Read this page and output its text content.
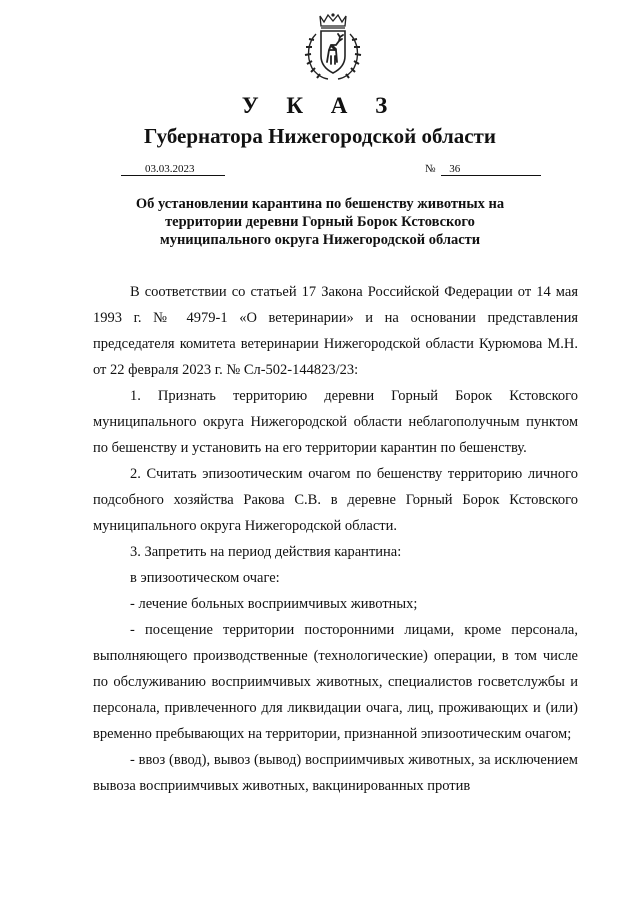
У К А З
Губернатора Нижегородской области
03.03.2023	№ 36
Об установлении карантина по бешенству животных на
территории деревни Горный Борок Кстовского
муниципального округа Нижегородской области

В соответствии со статьей 17 Закона Российской Федерации от 14 мая 1993 г. № 4979-1 «О ветеринарии» и на основании представления председателя комитета ветеринарии Нижегородской области Курюмова М.Н. от 22 февраля 2023 г. № Сл-502-144823/23:

1. Признать территорию деревни Горный Борок Кстовского муниципального округа Нижегородской области неблагополучным пунктом по бешенству и установить на его территории карантин по бешенству.

2. Считать эпизоотическим очагом по бешенству территорию личного подсобного хозяйства Ракова С.В. в деревне Горный Борок Кстовского муниципального округа Нижегородской области.

3. Запретить на период действия карантина:

в эпизоотическом очаге:

- лечение больных восприимчивых животных;

- посещение территории посторонними лицами, кроме персонала, выполняющего производственные (технологические) операции, в том числе по обслуживанию восприимчивых животных, специалистов госветслужбы и персонала, привлеченного для ликвидации очага, лиц, проживающих и (или) временно пребывающих на территории, признанной эпизоотическим очагом;

- ввоз (ввод), вывоз (вывод) восприимчивых животных, за исключением вывоза восприимчивых животных, вакцинированных против
